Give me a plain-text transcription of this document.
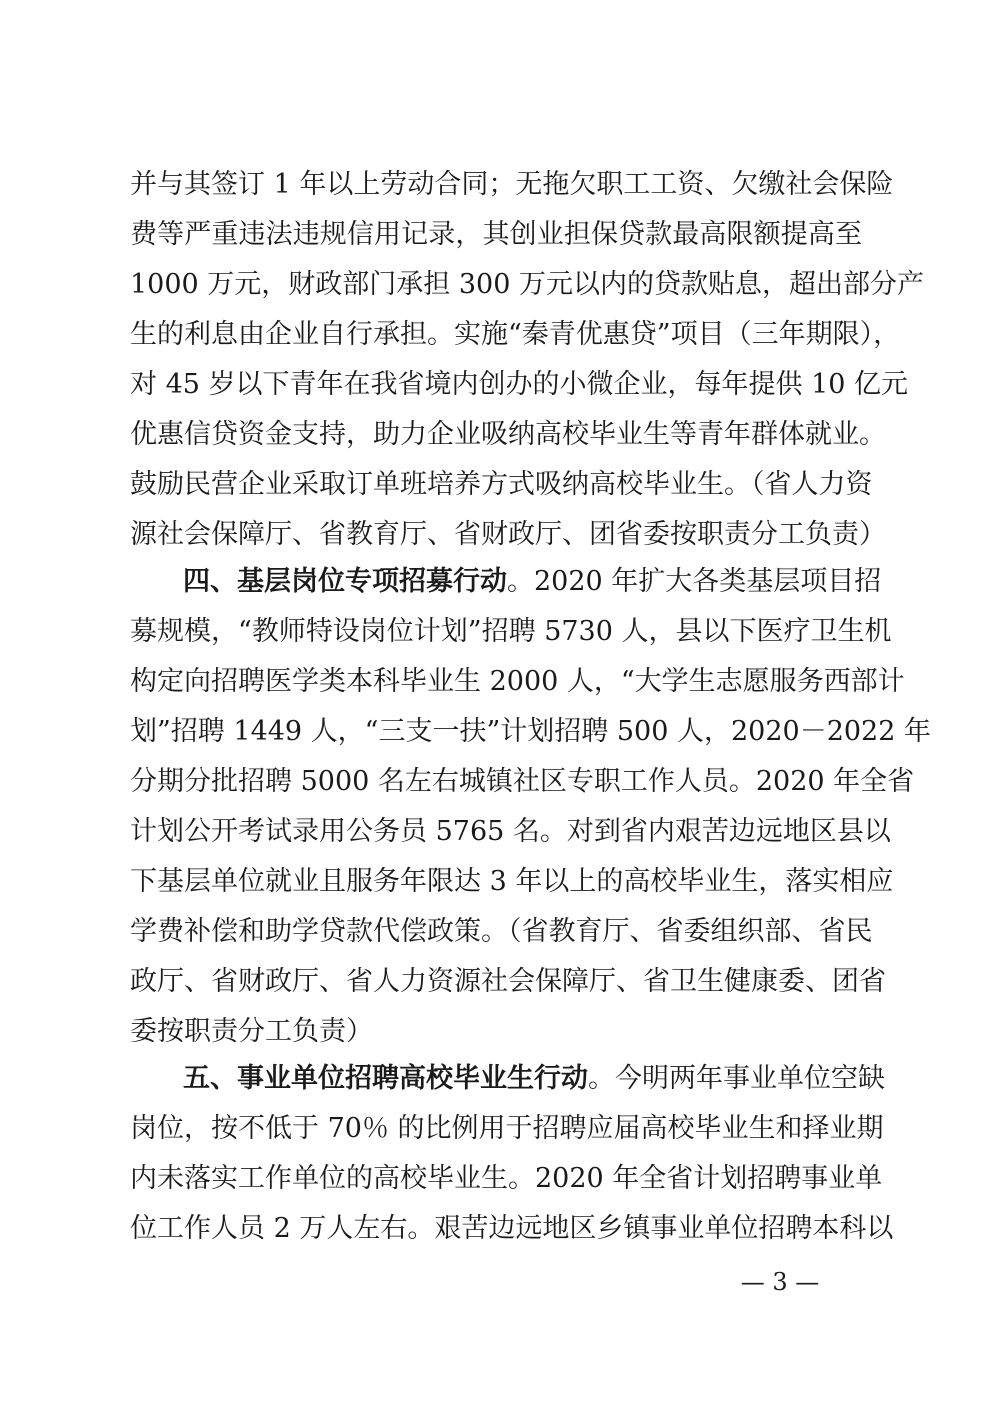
并与其签订 1 年以上劳动合同；无拖欠职工工资、欠缴社会保险
费等严重违法违规信用记录，其创业担保贷款最高限额提高至
1000 万元，财政部门承担 300 万元以内的贷款贴息，超出部分产
生的利息由企业自行承担。实施“秦青优惠贷”项目（三年期限），
对 45 岁以下青年在我省境内创办的小微企业，每年提供 10 亿元
优惠信贷资金支持，助力企业吸纳高校毕业生等青年群体就业。
鼓励民营企业采取订单班培养方式吸纳高校毕业生。（省人力资
源社会保障厅、省教育厅、省财政厅、团省委按职责分工负责）
四、基层岗位专项招募行动。2020 年扩大各类基层项目招
募规模，“教师特设岗位计划”招聘 5730 人，县以下医疗卫生机
构定向招聘医学类本科毕业生 2000 人，“大学生志愿服务西部计
划”招聘 1449 人，“三支一扶”计划招聘 500 人，2020－2022 年
分期分批招聘 5000 名左右城镇社区专职工作人员。2020 年全省
计划公开考试录用公务员 5765 名。对到省内艰苦边远地区县以
下基层单位就业且服务年限达 3 年以上的高校毕业生，落实相应
学费补偿和助学贷款代偿政策。（省教育厅、省委组织部、省民
政厅、省财政厅、省人力资源社会保障厅、省卫生健康委、团省
委按职责分工负责）
五、事业单位招聘高校毕业生行动。今明两年事业单位空缺
岗位，按不低于 70％ 的比例用于招聘应届高校毕业生和择业期
内未落实工作单位的高校毕业生。2020 年全省计划招聘事业单
位工作人员 2 万人左右。艰苦边远地区乡镇事业单位招聘本科以
— 3 —
